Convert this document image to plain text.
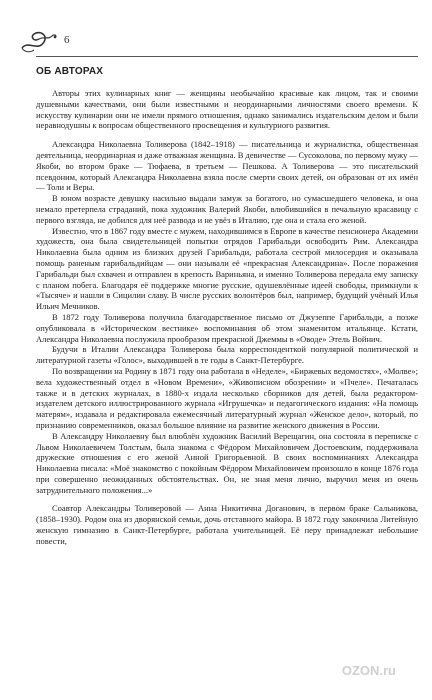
6
ОБ АВТОРАХ

Авторы этих кулинарных книг — женщины необычайно красивые как лицом, так и своими душевными качествами, они были известными и неординарными личностями своего времени. К искусству кулинарии они не имели прямого отношения, однако занимались издательским делом и были неравнодушны к вопросам общественного просвещения и культурного развития.

Александра Николаевна Толиверова (1842–1918) — писательница и журналистка, общественная деятельница, неординарная и даже отважная женщина. В девичестве — Сусоколова, по первому мужу — Якоби, во втором браке — Тюфаева, в третьем — Пешкова. А Толиверова — это писательский псевдоним, который Александра Николаевна взяла после смерти своих детей, он образован от их имён — Толи и Веры.

В юном возрасте девушку насильно выдали замуж за богатого, но сумасшедшего человека, и она немало претерпела страданий, пока художник Валерий Якоби, влюбившийся в печальную красавицу с первого взгляда, не добился для неё развода и не увёз в Италию, где она и стала его женой.

Известно, что в 1867 году вместе с мужем, находившимся в Европе в качестве пенсионера Академии художеств, она была свидетельницей попытки отрядов Гарибальди освободить Рим. Александра Николаевна была одним из близких друзей Гарибальди, работала сестрой милосердия и оказывала помощь раненым гарибальдийцам — они называли её «прекрасная Александрина». После поражения Гарибальди был схвачен и отправлен в крепость Вариньяна, и именно Толиверова передала ему записку с планом побега. Благодаря её поддержке многие русские, одушевлённые идеей свободы, примкнули к «Тысяче» и нашли в Сицилии славу. В числе русских волонтёров был, например, будущий учёный Илья Ильич Мечников.

В 1872 году Толиверова получила благодарственное письмо от Джузеппе Гарибальди, а позже опубликовала в «Историческом вестнике» воспоминания об этом знаменитом итальянце. Кстати, Александра Николаевна послужила прообразом прекрасной Джеммы в «Оводе» Этель Войнич.

Будучи в Италии Александра Толиверова была корреспонденткой популярной политической и литературной газеты «Голос», выходившей в те годы в Санкт-Петербурге.

По возвращении на Родину в 1871 году она работала в «Неделе», «Биржевых ведомостях», «Молве»; вела художественный отдел в «Новом Времени», «Живописном обозрении» и «Пчеле». Печаталась также и в детских журналах, в 1880-х издала несколько сборников для детей, была редактором-издателем детского иллюстрированного журнала «Игрушечка» и педагогического издания: «На помощь матерям», издавала и редактировала ежемесячный литературный журнал «Женское дело», который, по признанию современников, оказал большое влияние на развитие женского движения в России.

В Александру Николаевну был влюблён художник Василий Верещагин, она состояла в переписке с Львом Николаевичем Толстым, была знакома с Фёдором Михайловичем Достоевским, поддерживала дружеские отношения с его женой Анной Григорьевной. В своих воспоминаниях Александра Николаевна писала: «Моё знакомство с покойным Фёдором Михайловичем произошло в конце 1876 года при совершенно неожиданных обстоятельствах. Он, не зная меня лично, выручил меня из очень затруднительного положения...»

Соавтор Александры Толиверовой — Анна Никитична Доганович, в первом браке Сальникова, (1858–1930). Родом она из дворянской семьи, дочь отставного майора. В 1872 году закончила Литейную женскую гимназию в Санкт-Петербурге, работала учительницей. Её перу принадлежат небольшие повести,

OZON.ru
